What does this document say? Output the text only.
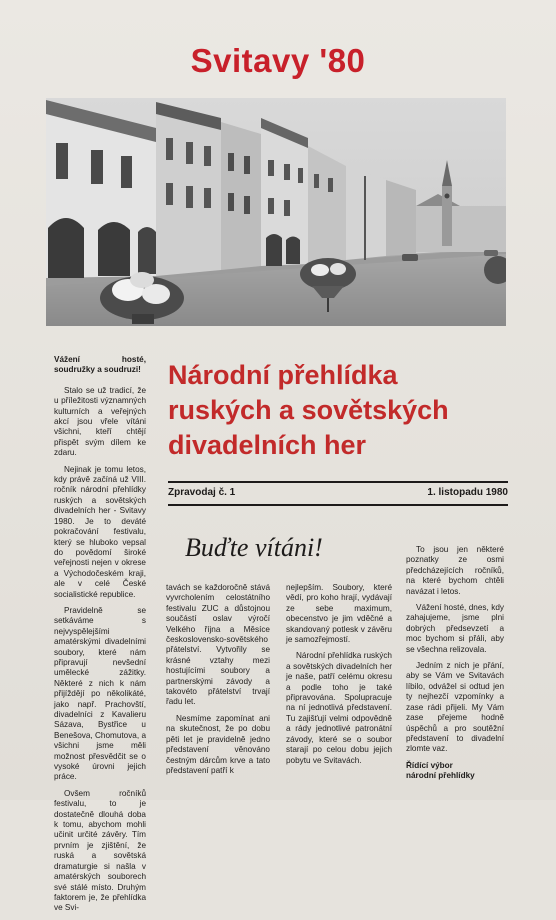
Svitavy '80

Vážení hosté, soudružky a soudruzi!

Stalo se už tradicí, že u příležitosti významných kulturních a veřejných akcí jsou vřele vítáni všichni, kteří chtějí přispět svým dílem ke zdaru.

Nejinak je tomu letos, kdy právě začíná už VIII. ročník národní přehlídky ruských a sovětských divadelních her - Svitavy 1980. Je to deváté pokračování festivalu, který se hluboko vepsal do povědomí široké veřejnosti nejen v okrese a Východočeském kraji, ale v celé České socialistické republice.

Pravidelně se setkáváme s nejvyspělejšími amatérskými divadelními soubory, které nám připravují nevšední umělecké zážitky. Některé z nich k nám přijíždějí po několikáté, jako např. Prachovští, divadelníci z Kavalieru Sázava, Bystřice u Benešova, Chomutova, a všichni jsme měli možnost přesvědčit se o vysoké úrovni jejich práce.

Ovšem ročníků festivalu, to je dostatečně dlouhá doba k tomu, abychom mohli učinit určité závěry. Tím prvním je zjištění, že ruská a sovětská dramaturgie si našla v amatérských souborech své stálé místo. Druhým faktorem je, že přehlídka ve Svi-

Národní přehlídka
ruských a sovětských
divadelních her
Zpravodaj č. 1	1. listopadu 1980
Buďte vítáni!

tavách se každoročně stává vyvrcholením celostátního festivalu ZUC a důstojnou součástí oslav výročí Velkého října a Měsíce československo-sovětského přátelství. Vytvořily se krásné vztahy mezi hostujícími soubory a partnerskými závody a takovéto přátelství trvají řadu let.

Nesmíme zapomínat ani na skutečnost, že po dobu pěti let je pravidelně jedno představení věnováno čestným dárcům krve a tato představení patří k

nejlepším. Soubory, které vědí, pro koho hrají, vydávají ze sebe maximum, obecenstvo je jim vděčné a skandovaný potlesk v závěru je samozřejmostí.

Národní přehlídka ruských a sovětských divadelních her je naše, patří celému okresu a podle toho je také připravována. Spolupracuje na ní jednotlivá představení. Tu zajišťují velmi odpovědně a rády jednotlivé patronátní závody, které se o soubor starají po celou dobu jejich pobytu ve Svitavách.

To jsou jen některé poznatky ze osmi předcházejících ročníků, na které bychom chtěli navázat i letos.

Vážení hosté, dnes, kdy zahajujeme, jsme plni dobrých předsevzetí a moc bychom si přáli, aby se všechna relizovala.

Jedním z nich je přání, aby se Vám ve Svitavách líbilo, odvážel si odtud jen ty nejhezčí vzpomínky a zase rádi přijeli. My Vám zase přejeme hodně úspěchů a pro soutěžní představení to divadelní zlomte vaz.

Řídící výbor
národní přehlídky
